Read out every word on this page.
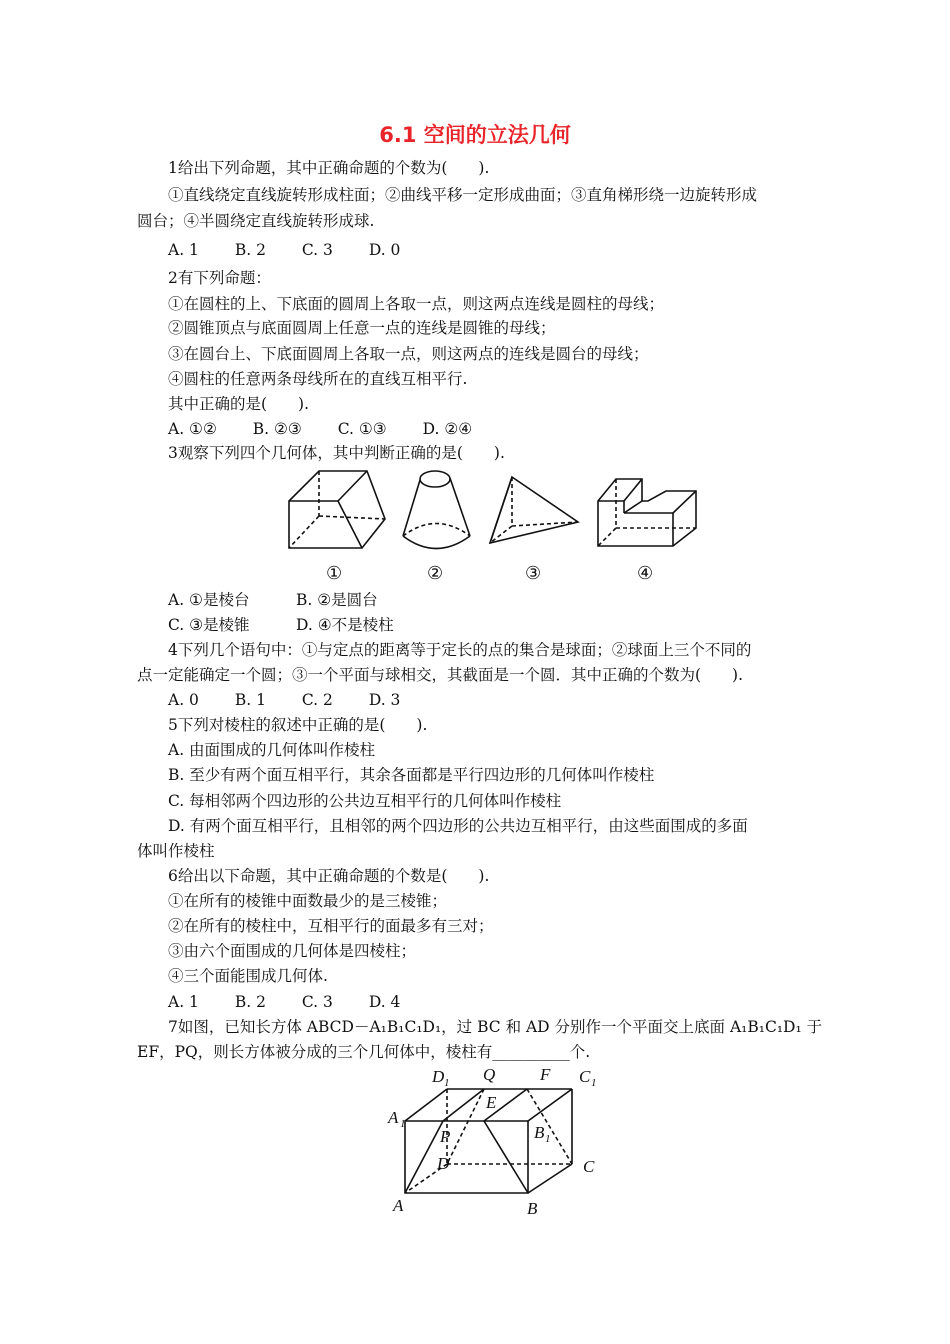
6.1 空间的立法几何
1给出下列命题，其中正确命题的个数为(　　).
①直线绕定直线旋转形成柱面；②曲线平移一定形成曲面；③直角梯形绕一边旋转形成
圆台；④半圆绕定直线旋转形成球.
A. 1　　 B. 2　　 C. 3　　 D. 0
2有下列命题：
①在圆柱的上、下底面的圆周上各取一点，则这两点连线是圆柱的母线；
②圆锥顶点与底面圆周上任意一点的连线是圆锥的母线；
③在圆台上、下底面圆周上各取一点，则这两点的连线是圆台的母线；
④圆柱的任意两条母线所在的直线互相平行.
其中正确的是(　　).
A. ①②　　 B. ②③　　 C. ①③　　 D. ②④
3观察下列四个几何体，其中判断正确的是(　　).
①	②	③	④
A. ①是棱台　　　B. ②是圆台
C. ③是棱锥　　　D. ④不是棱柱
4下列几个语句中：①与定点的距离等于定长的点的集合是球面；②球面上三个不同的
点一定能确定一个圆；③一个平面与球相交，其截面是一个圆．其中正确的个数为(　　).
A. 0　　 B. 1　　 C. 2　　 D. 3
5下列对棱柱的叙述中正确的是(　　).
A. 由面围成的几何体叫作棱柱
B. 至少有两个面互相平行，其余各面都是平行四边形的几何体叫作棱柱
C. 每相邻两个四边形的公共边互相平行的几何体叫作棱柱
D. 有两个面互相平行，且相邻的两个四边形的公共边互相平行，由这些面围成的多面
体叫作棱柱
6给出以下命题，其中正确命题的个数是(　　).
①在所有的棱锥中面数最少的是三棱锥；
②在所有的棱柱中，互相平行的面最多有三对；
③由六个面围成的几何体是四棱柱；
④三个面能围成几何体.
A. 1　　 B. 2　　 C. 3　　 D. 4
7如图，已知长方体 ABCD－A₁B₁C₁D₁，过 BC 和 AD 分别作一个平面交上底面 A₁B₁C₁D₁ 于
EF，PQ，则长方体被分成的三个几何体中，棱柱有__________个.
D 1 Q	F C 1
A 1
E
P	B 1
D	C
A	B
